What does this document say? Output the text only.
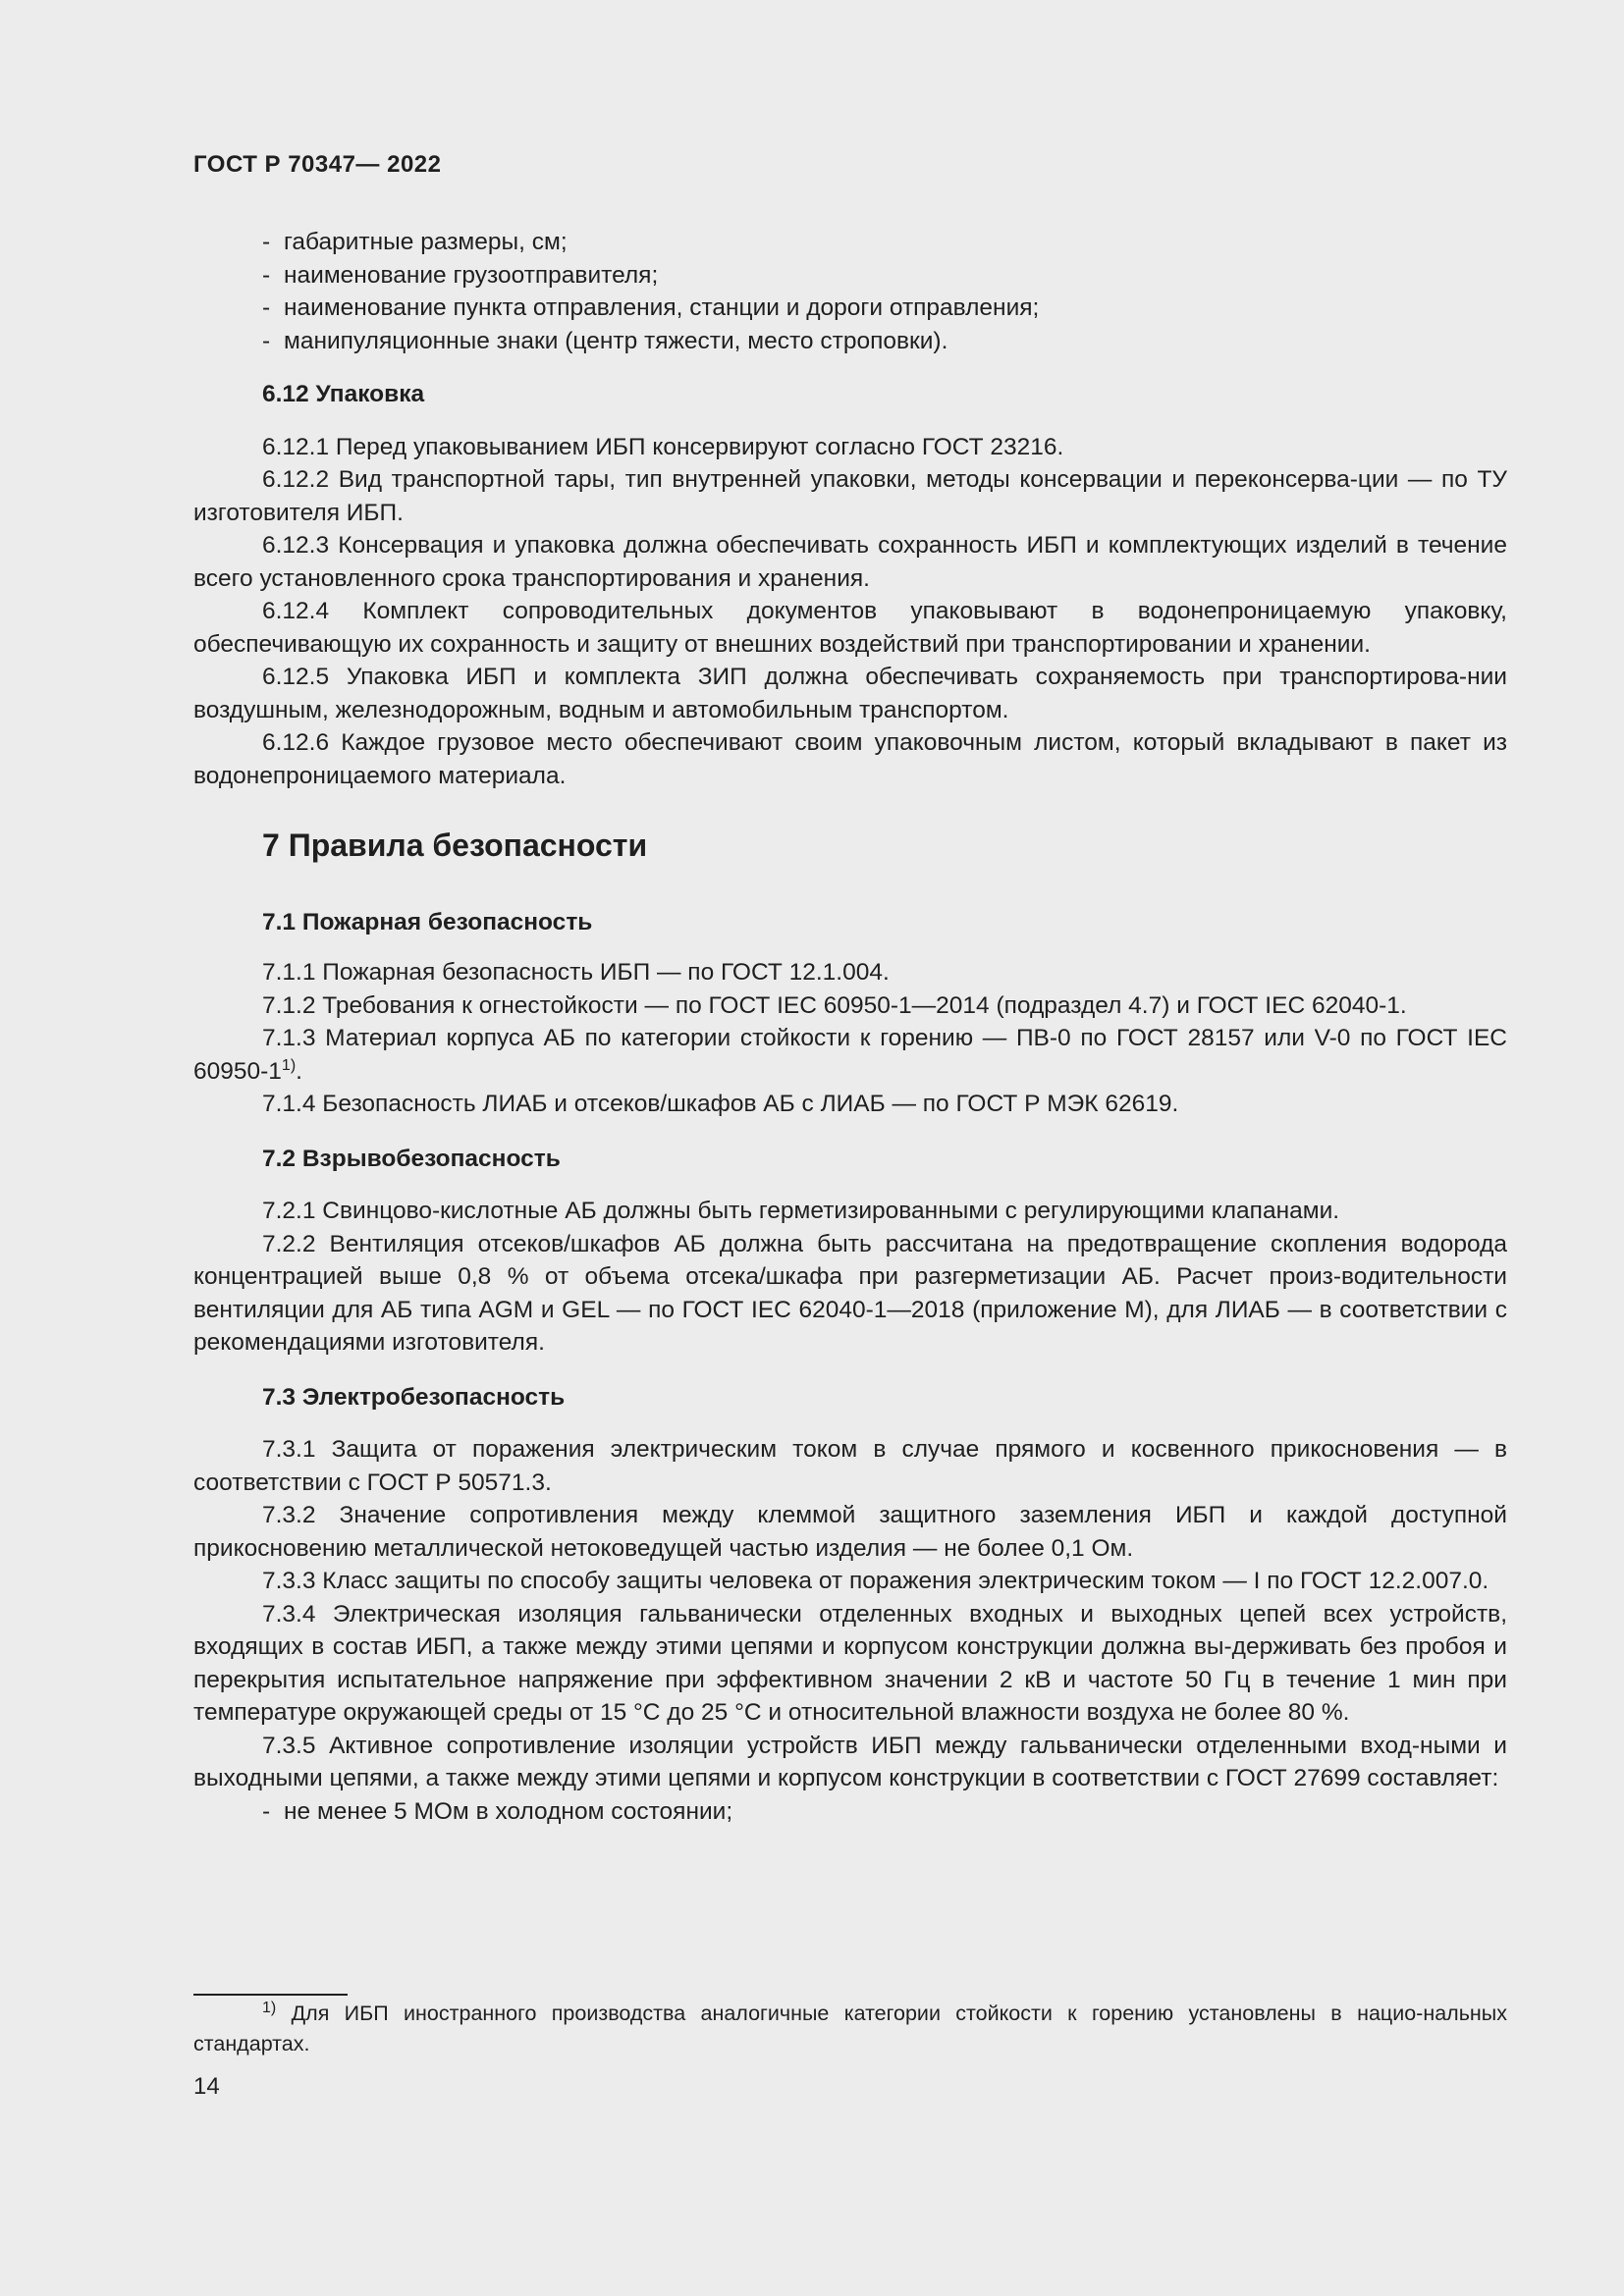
ГОСТ Р 70347— 2022
- габаритные размеры, см;
- наименование грузоотправителя;
- наименование пункта отправления, станции и дороги отправления;
- манипуляционные знаки (центр тяжести, место строповки).
6.12 Упаковка

6.12.1 Перед упаковыванием ИБП консервируют согласно ГОСТ 23216.

6.12.2 Вид транспортной тары, тип внутренней упаковки, методы консервации и переконсерва-ции — по ТУ изготовителя ИБП.

6.12.3 Консервация и упаковка должна обеспечивать сохранность ИБП и комплектующих изделий в течение всего установленного срока транспортирования и хранения.

6.12.4 Комплект сопроводительных документов упаковывают в водонепроницаемую упаковку, обеспечивающую их сохранность и защиту от внешних воздействий при транспортировании и хранении.

6.12.5 Упаковка ИБП и комплекта ЗИП должна обеспечивать сохраняемость при транспортирова-нии воздушным, железнодорожным, водным и автомобильным транспортом.

6.12.6 Каждое грузовое место обеспечивают своим упаковочным листом, который вкладывают в пакет из водонепроницаемого материала.

7 Правила безопасности
7.1 Пожарная безопасность

7.1.1 Пожарная безопасность ИБП — по ГОСТ 12.1.004.

7.1.2 Требования к огнестойкости — по ГОСТ IEC 60950-1—2014 (подраздел 4.7) и ГОСТ IEC 62040-1.

7.1.3 Материал корпуса АБ по категории стойкости к горению — ПВ-0 по ГОСТ 28157 или V-0 по ГОСТ IEC 60950-1$^{1)}$.

7.1.4 Безопасность ЛИАБ и отсеков/шкафов АБ с ЛИАБ — по ГОСТ Р МЭК 62619.

7.2 Взрывобезопасность

7.2.1 Свинцово-кислотные АБ должны быть герметизированными с регулирующими клапанами.

7.2.2 Вентиляция отсеков/шкафов АБ должна быть рассчитана на предотвращение скопления водорода концентрацией выше 0,8 % от объема отсека/шкафа при разгерметизации АБ. Расчет произ-водительности вентиляции для АБ типа AGM и GEL — по ГОСТ IEC 62040-1—2018 (приложение M), для ЛИАБ — в соответствии с рекомендациями изготовителя.

7.3 Электробезопасность

7.3.1 Защита от поражения электрическим током в случае прямого и косвенного прикосновения — в соответствии с ГОСТ Р 50571.3.

7.3.2 Значение сопротивления между клеммой защитного заземления ИБП и каждой доступной прикосновению металлической нетоковедущей частью изделия — не более 0,1 Ом.

7.3.3 Класс защиты по способу защиты человека от поражения электрическим током — I по ГОСТ 12.2.007.0.

7.3.4 Электрическая изоляция гальванически отделенных входных и выходных цепей всех устройств, входящих в состав ИБП, а также между этими цепями и корпусом конструкции должна вы-держивать без пробоя и перекрытия испытательное напряжение при эффективном значении 2 кВ и частоте 50 Гц в течение 1 мин при температуре окружающей среды от 15 °C до 25 °C и относительной влажности воздуха не более 80 %.

7.3.5 Активное сопротивление изоляции устройств ИБП между гальванически отделенными вход-ными и выходными цепями, а также между этими цепями и корпусом конструкции в соответствии с ГОСТ 27699 составляет:

- не менее 5 МОм в холодном состоянии;
$^{1)}$ Для ИБП иностранного производства аналогичные категории стойкости к горению установлены в нацио-нальных стандартах.
14
